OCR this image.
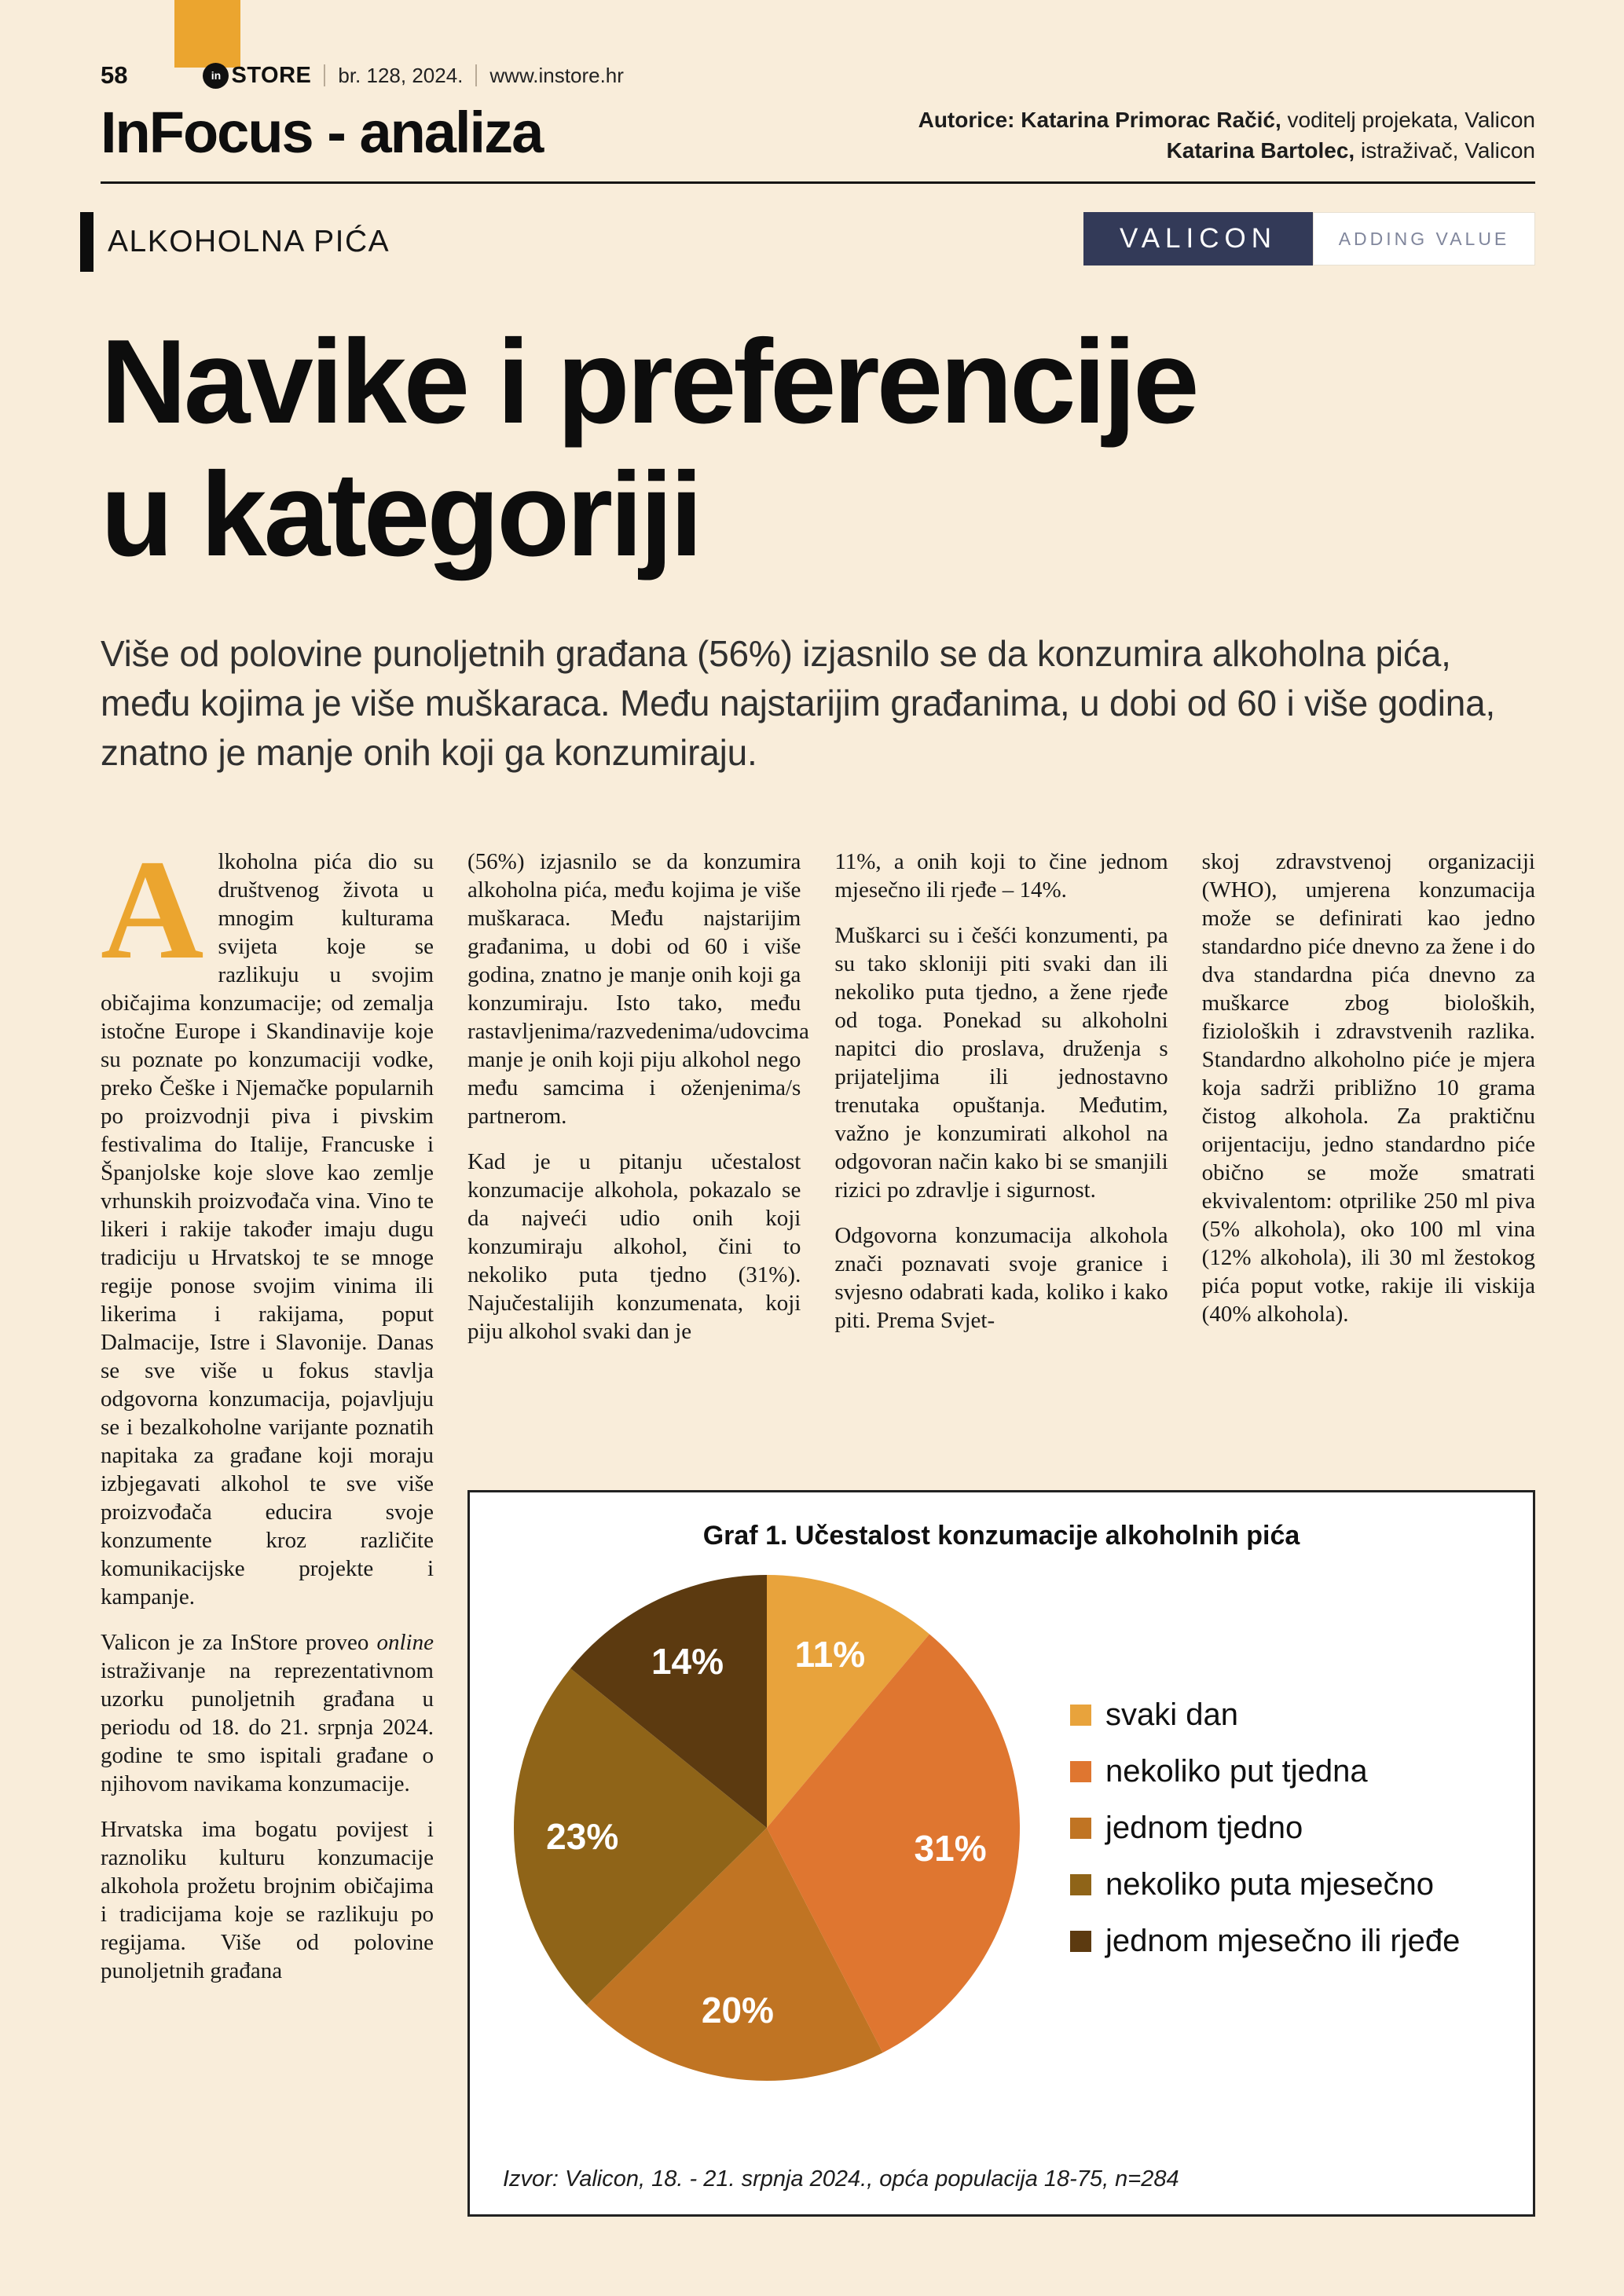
58	in STORE br. 128, 2024. www.instore.hr
InFocus - analiza	Autorice: Katarina Primorac Račić, voditelj projekata, Valicon
Katarina Bartolec, istraživač, Valicon
ALKOHOLNA PIĆA	VALICON	ADDING VALUE
Navike i preferencije
u kategoriji

Više od polovine punoljetnih građana (56%) izjasnilo se da konzumira alkoholna pića, među kojima je više muškaraca. Među najstarijim građanima, u dobi od 60 i više godina, znatno je manje onih koji ga konzumiraju.

Alkoholna pića dio su društvenog života u mnogim kulturama svijeta koje se razlikuju u svojim običajima konzumacije; od zemalja istočne Europe i Skandinavije koje su poznate po konzumaciji vodke, preko Češke i Njemačke popularnih po proizvodnji piva i pivskim festivalima do Italije, Francuske i Španjolske koje slove kao zemlje vrhunskih proizvođača vina. Vino te likeri i rakije također imaju dugu tradiciju u Hrvatskoj te se mnoge regije ponose svojim vinima ili likerima i rakijama, poput Dalmacije, Istre i Slavonije. Danas se sve više u fokus stavlja odgovorna konzumacija, pojavljuju se i bezalkoholne varijante poznatih napitaka za građane koji moraju izbjegavati alkohol te sve više proizvođača educira svoje konzumente kroz različite komunikacijske projekte i kampanje.

Valicon je za InStore proveo online istraživanje na reprezentativnom uzorku punoljetnih građana u periodu od 18. do 21. srpnja 2024. godine te smo ispitali građane o njihovom navikama konzumacije.

Hrvatska ima bogatu povijest i raznoliku kulturu konzumacije alkohola prožetu brojnim običajima i tradicijama koje se razlikuju po regijama. Više od polovine punoljetnih građana

(56%) izjasnilo se da konzumira alkoholna pića, među kojima je više muškaraca. Među najstarijim građanima, u dobi od 60 i više godina, znatno je manje onih koji ga konzumiraju. Isto tako, među rastavljenima/razvedenima/udovcima manje je onih koji piju alkohol nego među samcima i oženjenima/s partnerom.

Kad je u pitanju učestalost konzumacije alkohola, pokazalo se da najveći udio onih koji konzumiraju alkohol, čini to nekoliko puta tjedno (31%). Najučestalijih konzumenata, koji piju alkohol svaki dan je

11%, a onih koji to čine jednom mjesečno ili rjeđe – 14%.

Muškarci su i češći konzumenti, pa su tako skloniji piti svaki dan ili nekoliko puta tjedno, a žene rjeđe od toga. Ponekad su alkoholni napitci dio proslava, druženja s prijateljima ili jednostavno trenutaka opuštanja. Međutim, važno je konzumirati alkohol na odgovoran način kako bi se smanjili rizici po zdravlje i sigurnost.

Odgovorna konzumacija alkohola znači poznavati svoje granice i svjesno odabrati kada, koliko i kako piti. Prema Svjet-

skoj zdravstvenoj organizaciji (WHO), umjerena konzumacija može se definirati kao jedno standardno piće dnevno za žene i do dva standardna pića dnevno za muškarce zbog bioloških, fizioloških i zdravstvenih razlika. Standardno alkoholno piće je mjera koja sadrži približno 10 grama čistog alkohola. Za praktičnu orijentaciju, jedno standardno piće obično se može smatrati ekvivalentom: otprilike 250 ml piva (5% alkohola), oko 100 ml vina (12% alkohola), ili 30 ml žestokog pića poput votke, rakije ili viskija (40% alkohola).

Graf 1. Učestalost konzumacije alkoholnih pića
11%
31%
20%
23%
14%
svaki dan
nekoliko put tjedna
jednom tjedno
nekoliko puta mjesečno
jednom mjesečno ili rjeđe
Izvor: Valicon, 18. - 21. srpnja 2024., opća populacija 18-75, n=284
